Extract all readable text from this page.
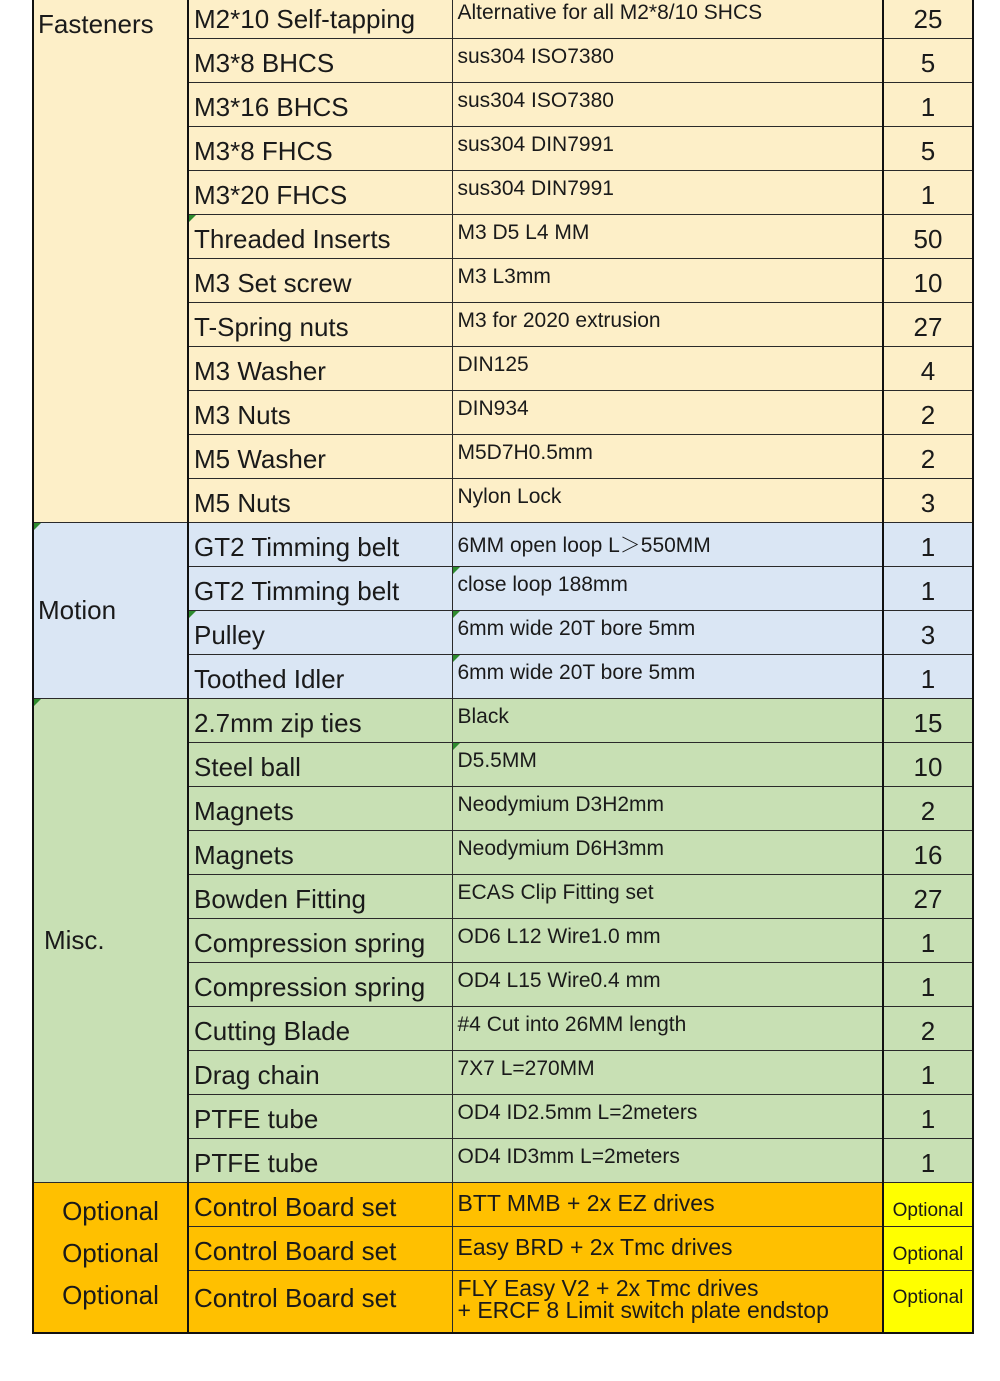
Fasteners	M2*10 Self-tapping	Alternative for all M2*8/10 SHCS	25
	M3*8 BHCS	sus304 ISO7380	5
	M3*16 BHCS	sus304 ISO7380	1
	M3*8 FHCS	sus304 DIN7991	5
	M3*20 FHCS	sus304 DIN7991	1
	Threaded Inserts	M3 D5 L4 MM	50
	M3 Set screw	M3 L3mm	10
	T-Spring nuts	M3 for 2020 extrusion	27
	M3 Washer	DIN125	4
	M3 Nuts	DIN934	2
	M5 Washer	M5D7H0.5mm	2
	M5 Nuts	Nylon Lock	3
Motion	GT2 Timming belt	6MM open loop L＞550MM	1
	GT2 Timming belt	close loop 188mm	1
	Pulley	6mm wide 20T bore 5mm	3
	Toothed Idler	6mm wide 20T bore 5mm	1
Misc.	2.7mm zip ties	Black	15
	Steel ball	D5.5MM	10
	Magnets	Neodymium D3H2mm	2
	Magnets	Neodymium D6H3mm	16
	Bowden Fitting	ECAS Clip Fitting set	27
	Compression spring	OD6 L12 Wire1.0 mm	1
	Compression spring	OD4 L15 Wire0.4 mm	1
	Cutting Blade	#4 Cut into 26MM length	2
	Drag chain	7X7 L=270MM	1
	PTFE tube	OD4 ID2.5mm L=2meters	1
	PTFE tube	OD4 ID3mm L=2meters	1

Optional
Optional
Optional	Control Board set	BTT MMB + 2x EZ drives	Optional
	Control Board set	Easy BRD + 2x Tmc drives	Optional
	Control Board set	FLY Easy V2 + 2x Tmc drives
+ ERCF 8 Limit switch plate endstop	Optional
